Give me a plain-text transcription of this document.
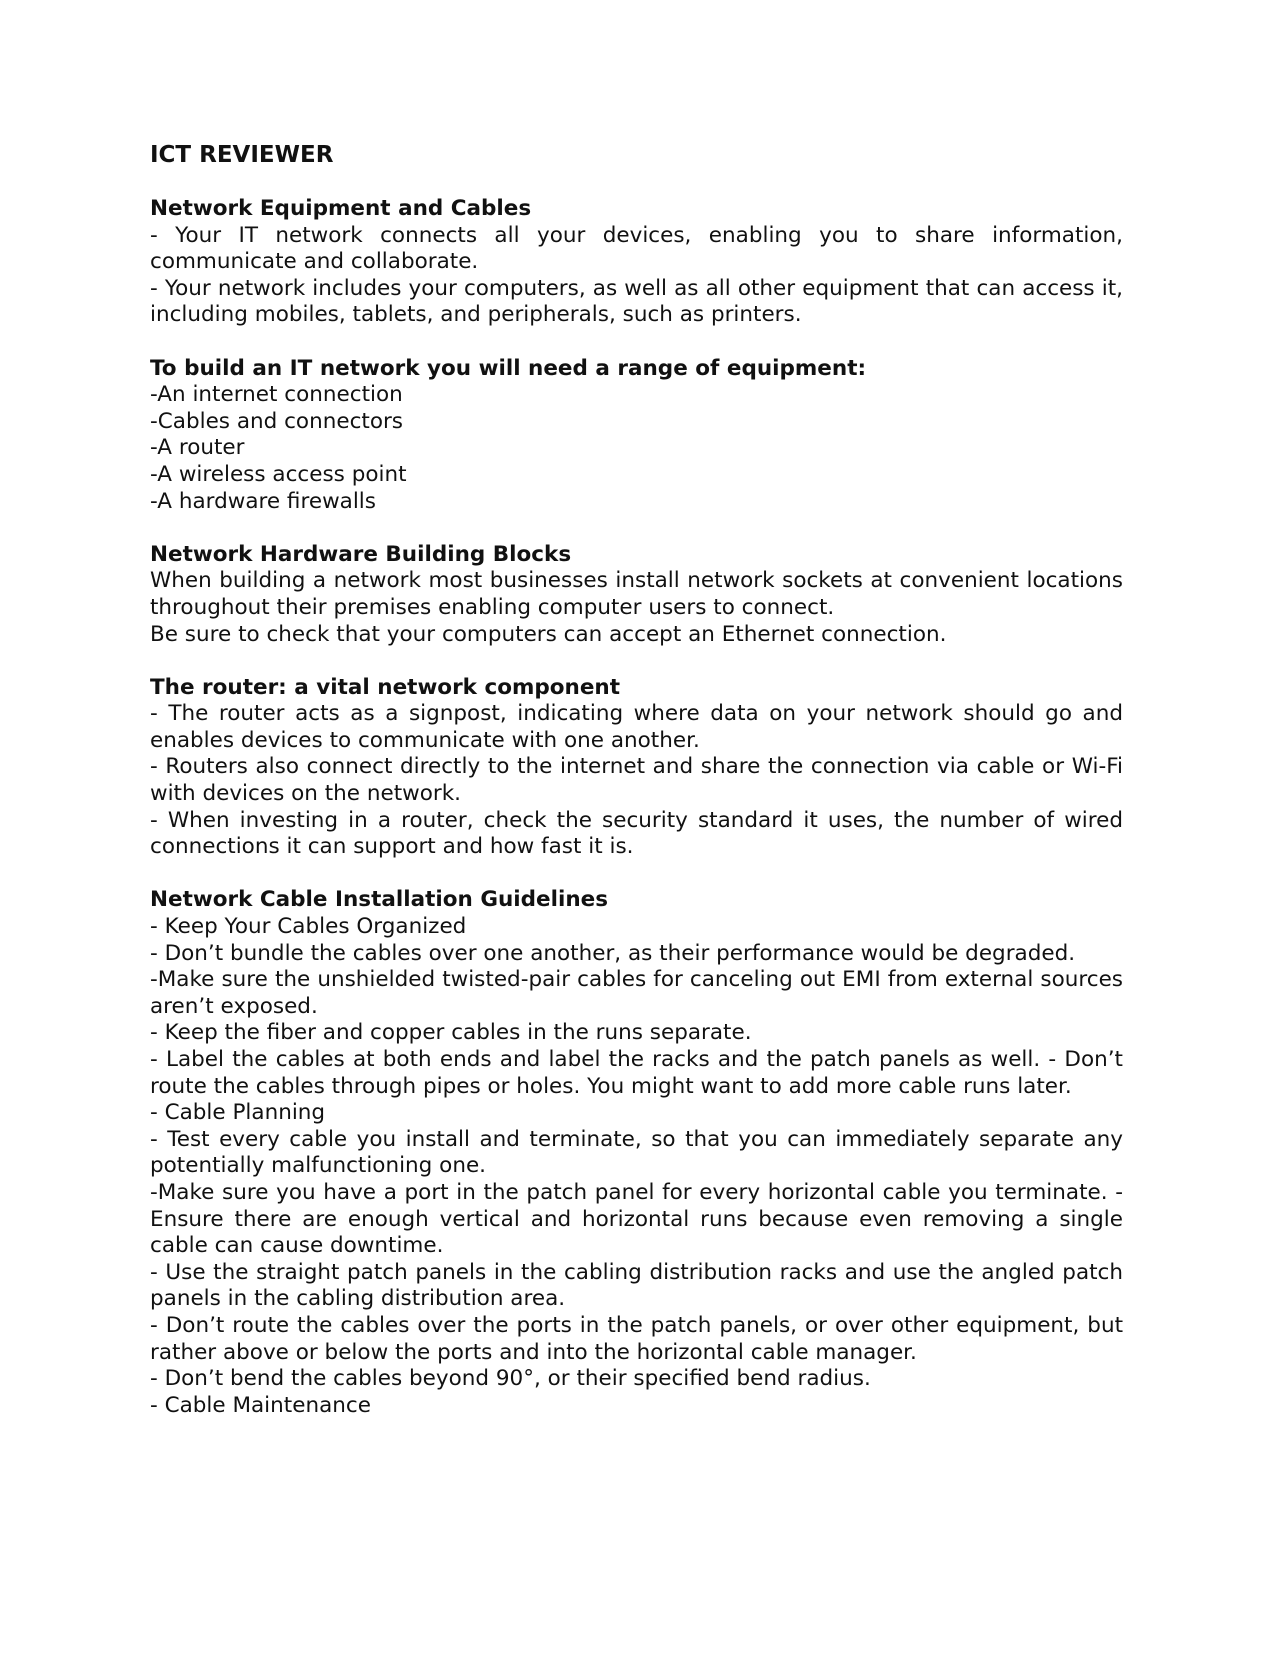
ICT REVIEWER

Network Equipment and Cables

- Your IT network connects all your devices, enabling you to share information, communicate and collaborate.

- Your network includes your computers, as well as all other equipment that can access it, including mobiles, tablets, and peripherals, such as printers.

To build an IT network you will need a range of equipment:

-An internet connection

-Cables and connectors

-A router

-A wireless access point

-A hardware firewalls

Network Hardware Building Blocks

When building a network most businesses install network sockets at convenient locations throughout their premises enabling computer users to connect.

Be sure to check that your computers can accept an Ethernet connection.

The router: a vital network component

- The router acts as a signpost, indicating where data on your network should go and enables devices to communicate with one another.

- Routers also connect directly to the internet and share the connection via cable or Wi-Fi with devices on the network.

- When investing in a router, check the security standard it uses, the number of wired connections it can support and how fast it is.

Network Cable Installation Guidelines

- Keep Your Cables Organized

- Don’t bundle the cables over one another, as their performance would be degraded.

-Make sure the unshielded twisted-pair cables for canceling out EMI from external sources aren’t exposed.

- Keep the fiber and copper cables in the runs separate.

- Label the cables at both ends and label the racks and the patch panels as well. - Don’t route the cables through pipes or holes. You might want to add more cable runs later.

- Cable Planning

- Test every cable you install and terminate, so that you can immediately separate any potentially malfunctioning one.

-Make sure you have a port in the patch panel for every horizontal cable you terminate. - Ensure there are enough vertical and horizontal runs because even removing a single cable can cause downtime.

- Use the straight patch panels in the cabling distribution racks and use the angled patch panels in the cabling distribution area.

- Don’t route the cables over the ports in the patch panels, or over other equipment, but rather above or below the ports and into the horizontal cable manager.

- Don’t bend the cables beyond 90°, or their specified bend radius.

- Cable Maintenance
